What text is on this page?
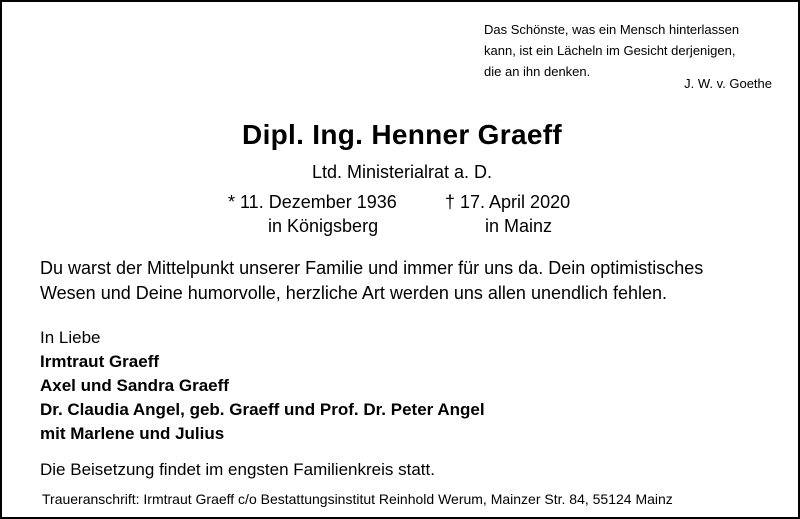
Das Schönste, was ein Mensch hinterlassen
kann, ist ein Lächeln im Gesicht derjenigen,
die an ihn denken.
J. W. v. Goethe
Dipl. Ing. Henner Graeff
Ltd. Ministerialrat a. D.
* 11. Dezember 1936
in Königsberg
† 17. April 2020
in Mainz
Du warst der Mittelpunkt unserer Familie und immer für uns da. Dein optimistisches
Wesen und Deine humorvolle, herzliche Art werden uns allen unendlich fehlen.
In Liebe
Irmtraut Graeff
Axel und Sandra Graeff
Dr. Claudia Angel, geb. Graeff und Prof. Dr. Peter Angel
mit Marlene und Julius
Die Beisetzung findet im engsten Familienkreis statt.
Traueranschrift: Irmtraut Graeff c/o Bestattungsinstitut Reinhold Werum, Mainzer Str. 84, 55124 Mainz
